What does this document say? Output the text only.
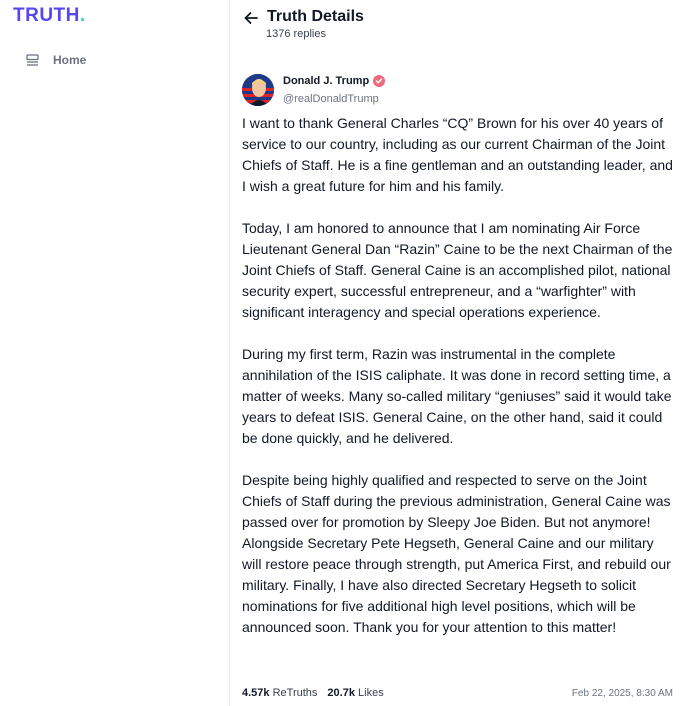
TRUTH.
Home
Truth Details
1376 replies
Donald J. Trump
@realDonaldTrump

I want to thank General Charles “CQ” Brown for his over 40 years of service to our country, including as our current Chairman of the Joint Chiefs of Staff. He is a fine gentleman and an outstanding leader, and I wish a great future for him and his family.

Today, I am honored to announce that I am nominating Air Force Lieutenant General Dan “Razin” Caine to be the next Chairman of the Joint Chiefs of Staff. General Caine is an accomplished pilot, national security expert, successful entrepreneur, and a “warfighter” with significant interagency and special operations experience.

During my first term, Razin was instrumental in the complete annihilation of the ISIS caliphate. It was done in record setting time, a matter of weeks. Many so-called military “geniuses” said it would take years to defeat ISIS. General Caine, on the other hand, said it could be done quickly, and he delivered.

Despite being highly qualified and respected to serve on the Joint Chiefs of Staff during the previous administration, General Caine was passed over for promotion by Sleepy Joe Biden. But not anymore! Alongside Secretary Pete Hegseth, General Caine and our military will restore peace through strength, put America First, and rebuild our military. Finally, I have also directed Secretary Hegseth to solicit nominations for five additional high level positions, which will be announced soon. Thank you for your attention to this matter!

4.57k ReTruths 20.7k Likes	Feb 22, 2025, 8:30 AM
